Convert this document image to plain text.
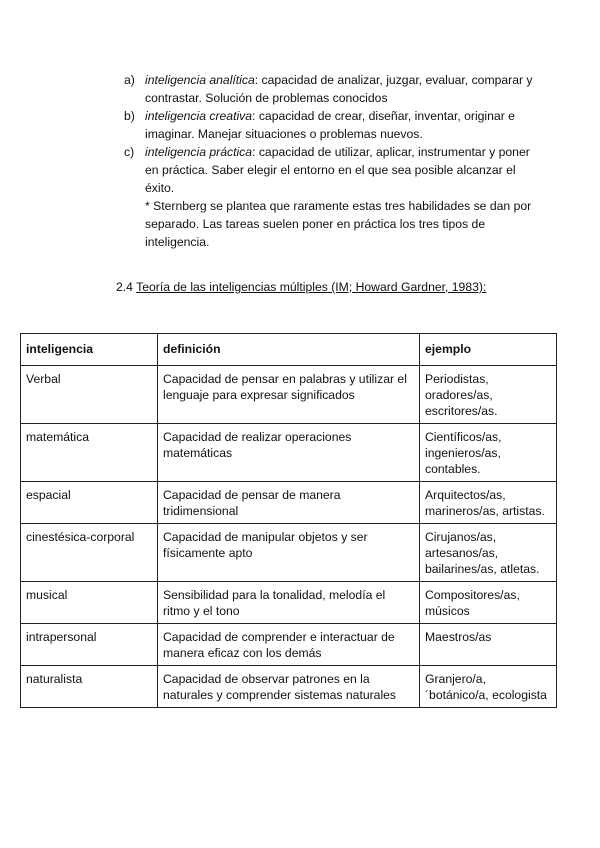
a) inteligencia analítica: capacidad de analizar, juzgar, evaluar, comparar y contrastar. Solución de problemas conocidos
b) inteligencia creativa: capacidad de crear, diseñar, inventar, originar e imaginar. Manejar situaciones o problemas nuevos.
c) inteligencia práctica: capacidad de utilizar, aplicar, instrumentar y poner en práctica. Saber elegir el entorno en el que sea posible alcanzar el éxito.
* Sternberg se plantea que raramente estas tres habilidades se dan por separado. Las tareas suelen poner en práctica los tres tipos de inteligencia.
2.4 Teoría de las inteligencias múltiples (IM; Howard Gardner, 1983):
inteligencia	definición	ejemplo
Verbal	Capacidad de pensar en palabras y utilizar el lenguaje para expresar significados	Periodistas, oradores/as, escritores/as.
matemática	Capacidad de realizar operaciones matemáticas	Científicos/as, ingenieros/as, contables.
espacial	Capacidad de pensar de manera tridimensional	Arquitectos/as, marineros/as, artistas.
cinestésica-corporal	Capacidad de manipular objetos y ser físicamente apto	Cirujanos/as, artesanos/as, bailarines/as, atletas.
musical	Sensibilidad para la tonalidad, melodía el ritmo y el tono	Compositores/as, músicos
intrapersonal	Capacidad de comprender e interactuar de manera eficaz con los demás	Maestros/as
naturalista	Capacidad de observar patrones en la naturales y comprender sistemas naturales	Granjero/a, ´botánico/a, ecologista
